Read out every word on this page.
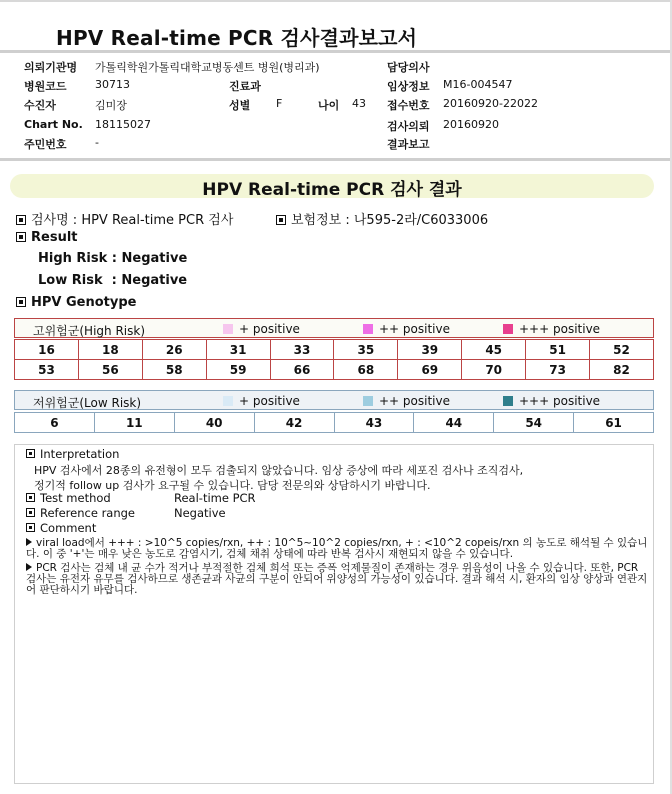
HPV Real-time PCR 검사결과보고서
의뢰기관명 가톨릭학원가톨릭대학교병동센트 병원(병리과)	담당의사
병원코드	30713	진료과	임상정보 M16-004547
수진자	김미장	성별 F	나이 43 접수번호 20160920-22022
Chart No. 18115027	검사의뢰 20160920
주민번호	-	결과보고
HPV Real-time PCR 검사 결과
검사명 : HPV Real-time PCR 검사	보험정보 : 나595-2라/C6033006
Result
High Risk : Negative
Low Risk  : Negative
HPV Genotype
고위험군(High Risk)	+ positive	++ positive	+++ positive
16	18	26	31	33	35	39	45	51	52
53	56	58	59	66	68	69	70	73	82
저위험군(Low Risk)	+ positive	++ positive	+++ positive
6	11	40	42	43	44	54	61
Interpretation
HPV 검사에서 28종의 유전형이 모두 검출되지 않았습니다. 임상 증상에 따라 세포진 검사나 조직검사,
정기적 follow up 검사가 요구될 수 있습니다. 담당 전문의와 상담하시기 바랍니다.
Test method	Real-time PCR
Reference range	Negative
Comment
viral load에서 +++ : >10^5 copies/rxn, ++ : 10^5~10^2 copies/rxn, + : <10^2 copeis/rxn 의 농도로 해석될 수 있습니다. 이 중 '+'는 매우 낮은 농도로 감염시기, 검체 채취 상태에 따라 반복 검사시 재현되지 않을 수 있습니다.
PCR 검사는 검체 내 균 수가 적거나 부적절한 검체 희석 또는 증폭 억제물질이 존재하는 경우 위음성이 나올 수 있습니다. 또한, PCR 검사는 유전자 유무를 검사하므로 생존균과 사균의 구분이 안되어 위양성의 가능성이 있습니다. 결과 해석 시, 환자의 임상 양상과 연관지어 판단하시기 바랍니다.
